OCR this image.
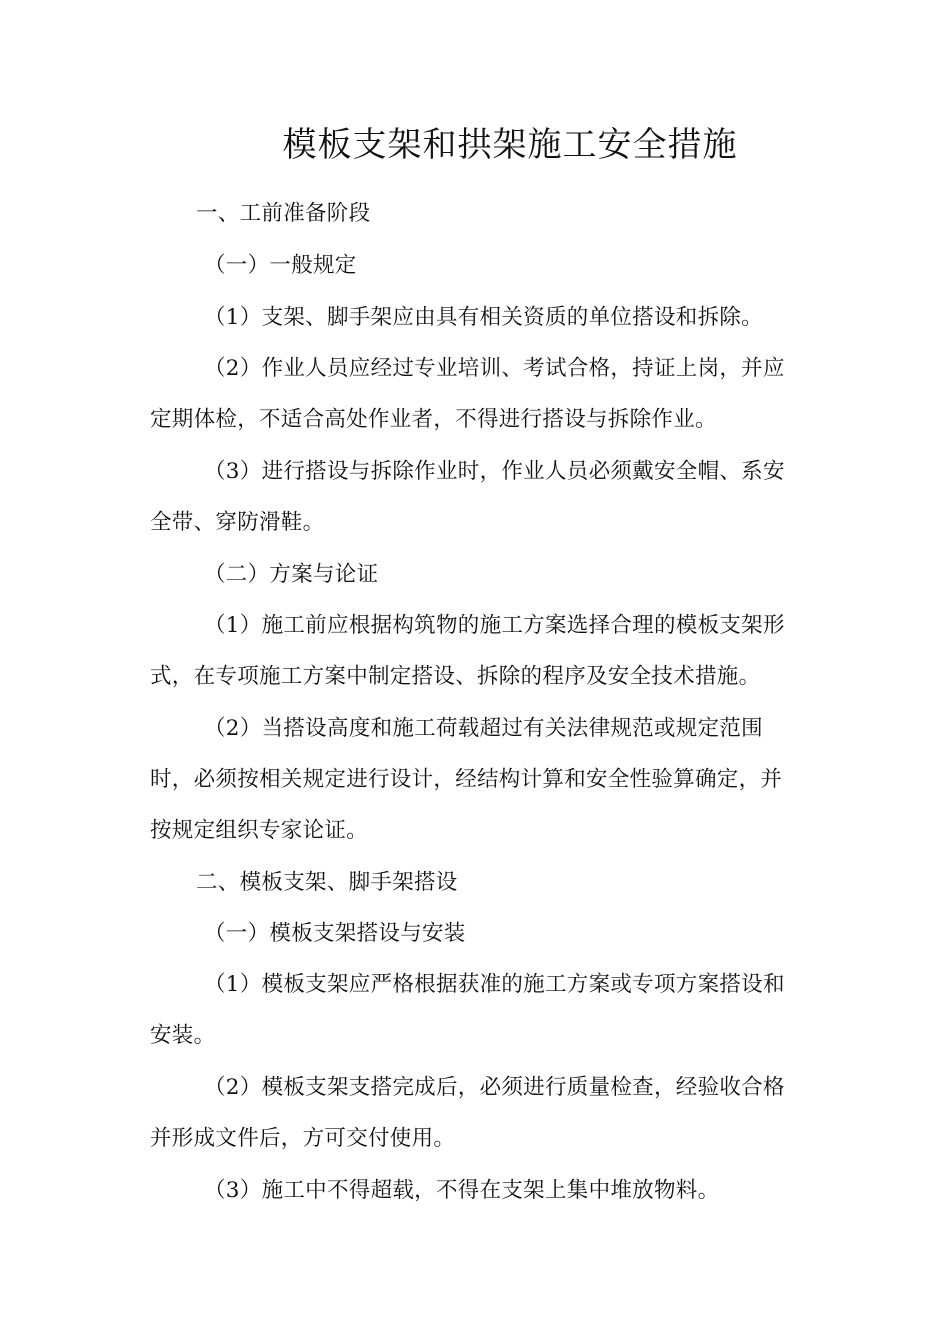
模板支架和拱架施工安全措施
一、工前准备阶段
（一）一般规定
（1）支架、脚手架应由具有相关资质的单位搭设和拆除。
（2）作业人员应经过专业培训、考试合格，持证上岗，并应
定期体检，不适合高处作业者，不得进行搭设与拆除作业。
（3）进行搭设与拆除作业时，作业人员必须戴安全帽、系安
全带、穿防滑鞋。
（二）方案与论证
（1）施工前应根据构筑物的施工方案选择合理的模板支架形
式，在专项施工方案中制定搭设、拆除的程序及安全技术措施。
（2）当搭设高度和施工荷载超过有关法律规范或规定范围
时，必须按相关规定进行设计，经结构计算和安全性验算确定，并
按规定组织专家论证。
二、模板支架、脚手架搭设
（一）模板支架搭设与安装
（1）模板支架应严格根据获准的施工方案或专项方案搭设和
安装。
（2）模板支架支搭完成后，必须进行质量检查，经验收合格
并形成文件后，方可交付使用。
（3）施工中不得超载，不得在支架上集中堆放物料。
